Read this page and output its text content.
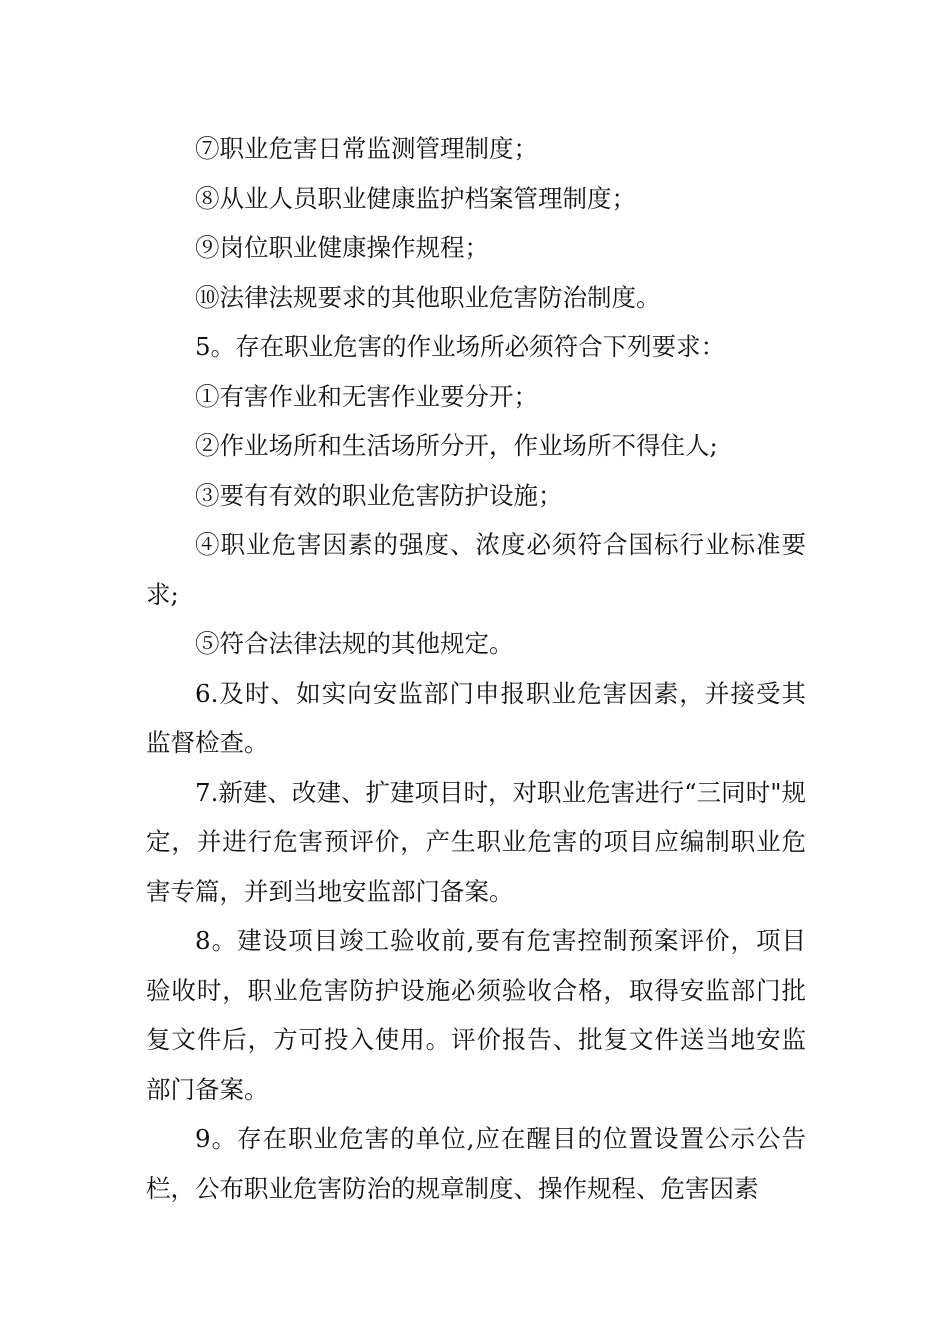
⑦职业危害日常监测管理制度；

⑧从业人员职业健康监护档案管理制度；

⑨岗位职业健康操作规程；

⑩法律法规要求的其他职业危害防治制度。

5。存在职业危害的作业场所必须符合下列要求：

①有害作业和无害作业要分开；

②作业场所和生活场所分开，作业场所不得住人;

③要有有效的职业危害防护设施；

④职业危害因素的强度、浓度必须符合国标行业标准要求;

⑤符合法律法规的其他规定。

6.及时、如实向安监部门申报职业危害因素，并接受其监督检查。

7.新建、改建、扩建项目时，对职业危害进行“三同时"规定，并进行危害预评价，产生职业危害的项目应编制职业危害专篇，并到当地安监部门备案。

8。建设项目竣工验收前,要有危害控制预案评价，项目验收时，职业危害防护设施必须验收合格，取得安监部门批复文件后，方可投入使用。评价报告、批复文件送当地安监部门备案。

9。存在职业危害的单位,应在醒目的位置设置公示公告栏，公布职业危害防治的规章制度、操作规程、危害因素
